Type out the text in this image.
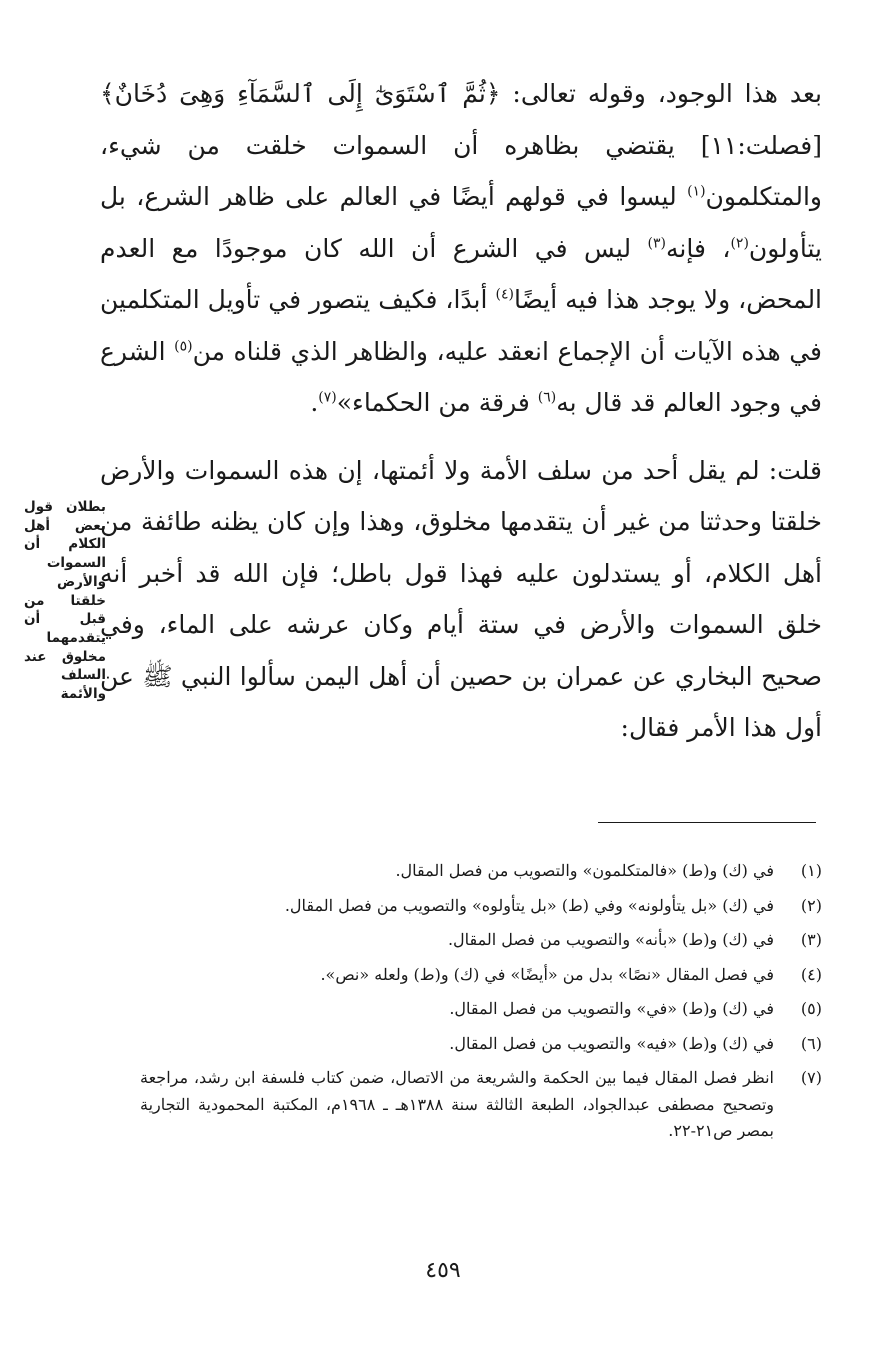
بعد هذا الوجود، وقوله تعالى: ﴿ثُمَّ ٱسْتَوَىٰٓ إِلَى ٱلسَّمَآءِ وَهِىَ دُخَانٌ﴾ [فصلت:١١] يقتضي بظاهره أن السموات خلقت من شيء، والمتكلمون$^{(١)}$ ليسوا في قولهم أيضًا في العالم على ظاهر الشرع، بل يتأولون$^{(٢)}$، فإنه$^{(٣)}$ ليس في الشرع أن الله كان موجودًا مع العدم المحض، ولا يوجد هذا فيه أيضًا$^{(٤)}$ أبدًا، فكيف يتصور في تأويل المتكلمين في هذه الآيات أن الإجماع انعقد عليه، والظاهر الذي قلناه من$^{(٥)}$ الشرع في وجود العالم قد قال به$^{(٦)}$ فرقة من الحكماء»$^{(٧)}$.

قلت: لم يقل أحد من سلف الأمة ولا أئمتها، إن هذه السموات والأرض خلقتا وحدثتا من غير أن يتقدمها مخلوق، وهذا وإن كان يظنه طائفة من أهل الكلام، أو يستدلون عليه فهذا قول باطل؛ فإن الله قد أخبر أنه خلق السموات والأرض في ستة أيام وكان عرشه على الماء، وفي صحيح البخاري عن عمران بن حصين أن أهل اليمن سألوا النبي ﷺ عن أول هذا الأمر فقال:

بطلان قول بعض أهل الكلام أن السموات والأرض خلقتا من قبل أن يتقدمهما مخلوق عند السلف والأئمة
(١)
في (ك) و(ط) «فالمتكلمون» والتصويب من فصل المقال.
(٢)
في (ك) «بل يتأولونه» وفي (ط) «بل يتأولوه» والتصويب من فصل المقال.
(٣)
في (ك) و(ط) «بأنه» والتصويب من فصل المقال.
(٤)
في فصل المقال «نصًا» بدل من «أيضًا» في (ك) و(ط) ولعله «نص».
(٥)
في (ك) و(ط) «في» والتصويب من فصل المقال.
(٦)
في (ك) و(ط) «فيه» والتصويب من فصل المقال.
(٧)
انظر فصل المقال فيما بين الحكمة والشريعة من الاتصال، ضمن كتاب فلسفة ابن رشد، مراجعة وتصحيح مصطفى عبدالجواد، الطبعة الثالثة سنة ١٣٨٨هـ ـ ١٩٦٨م، المكتبة المحمودية التجارية بمصر ص٢١-٢٢.
٤٥٩
